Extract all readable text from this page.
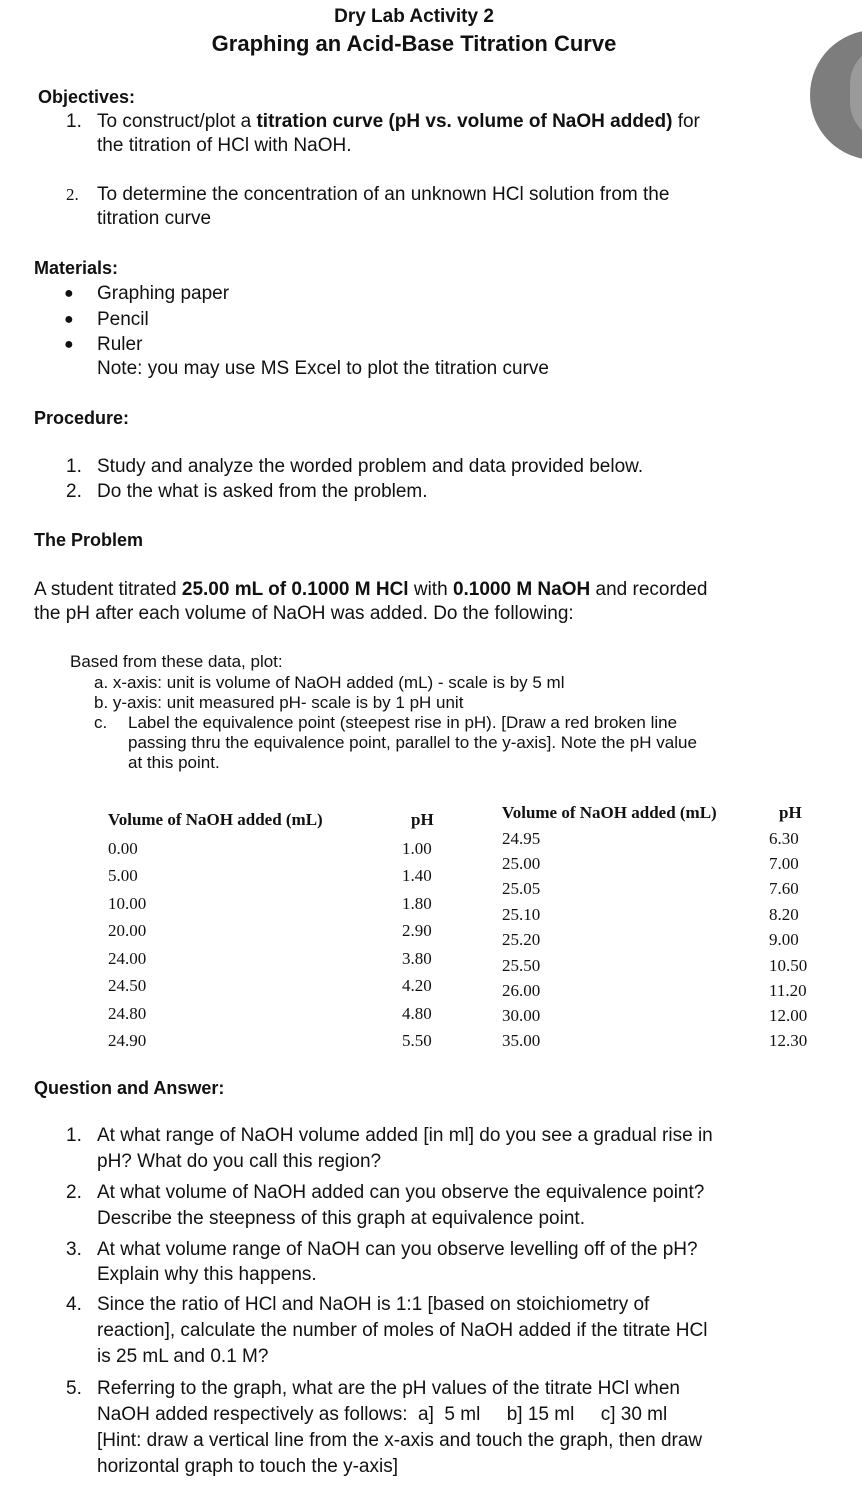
Dry Lab Activity 2
Graphing an Acid-Base Titration Curve
Objectives:
1. To construct/plot a titration curve (pH vs. volume of NaOH added) for
the titration of HCl with NaOH.
2. To determine the concentration of an unknown HCl solution from the
titration curve
Materials:
● Graphing paper
● Pencil
● Ruler
Note: you may use MS Excel to plot the titration curve
Procedure:
1. Study and analyze the worded problem and data provided below.
2. Do the what is asked from the problem.
The Problem
A student titrated 25.00 mL of 0.1000 M HCl with 0.1000 M NaOH and recorded
the pH after each volume of NaOH was added. Do the following:
Based from these data, plot:
a. x-axis: unit is volume of NaOH added (mL) - scale is by 5 ml
b. y-axis: unit measured pH- scale is by 1 pH unit
c. Label the equivalence point (steepest rise in pH). [Draw a red broken line
passing thru the equivalence point, parallel to the y-axis]. Note the pH value
at this point.
Volume of NaOH added (mL)	pH
0.00	1.00
5.00	1.40
10.00	1.80
20.00	2.90
24.00	3.80
24.50	4.20
24.80	4.80
24.90	5.50
Volume of NaOH added (mL)	pH
24.95	6.30
25.00	7.00
25.05	7.60
25.10	8.20
25.20	9.00
25.50	10.50
26.00	11.20
30.00	12.00
35.00	12.30
Question and Answer:
1. At what range of NaOH volume added [in ml] do you see a gradual rise in
pH? What do you call this region?
2. At what volume of NaOH added can you observe the equivalence point?
Describe the steepness of this graph at equivalence point.
3. At what volume range of NaOH can you observe levelling off of the pH?
Explain why this happens.
4. Since the ratio of HCl and NaOH is 1:1 [based on stoichiometry of
reaction], calculate the number of moles of NaOH added if the titrate HCl
is 25 mL and 0.1 M?
5. Referring to the graph, what are the pH values of the titrate HCl when
NaOH added respectively as follows:  a]  5 ml     b] 15 ml     c] 30 ml
[Hint: draw a vertical line from the x-axis and touch the graph, then draw
horizontal graph to touch the y-axis]
